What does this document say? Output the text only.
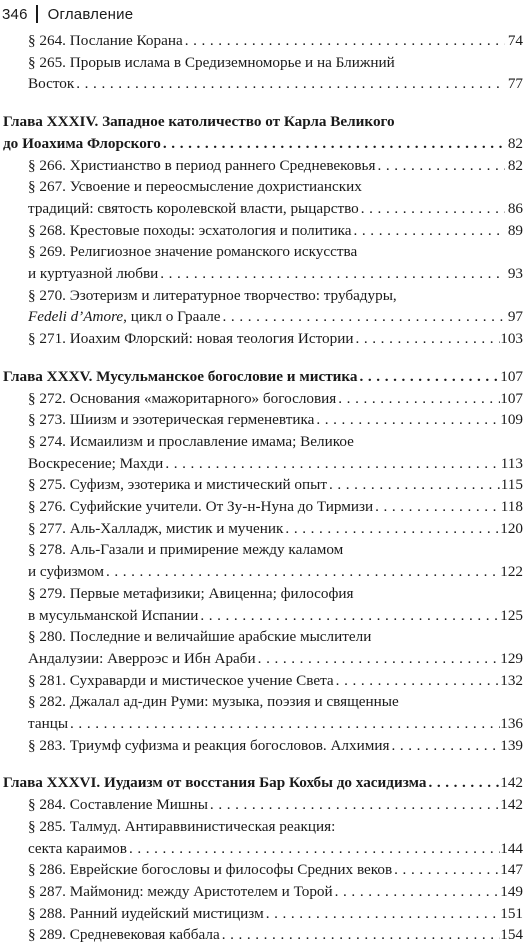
346 Оглавление
§ 264. Послание Корана . . .	74
§ 265. Прорыв ислама в Средиземноморье и на Ближний
Восток . . .	77
Глава XXXIV. Западное католичество от Карла Великого
до Иоахима Флорского . . .	82
§ 266. Христианство в период раннего Средневековья . . .	82
§ 267. Усвоение и переосмысление дохристианских
традиций: святость королевской власти, рыцарство . . .	86
§ 268. Крестовые походы: эсхатология и политика . . .	89
§ 269. Религиозное значение романского искусства
и куртуазной любви . . .	93
§ 270. Эзотеризм и литературное творчество: трубадуры,
Fedeli d’Amore, цикл о Граале . . .	97
§ 271. Иоахим Флорский: новая теология Истории . . .	103
Глава XXXV. Мусульманское богословие и мистика . . .	107
§ 272. Основания «мажоритарного» богословия . . .	107
§ 273. Шиизм и эзотерическая герменевтика . . .	109
§ 274. Исмаилизм и прославление имама; Великое
Воскресение; Махди . . .	113
§ 275. Суфизм, эзотерика и мистический опыт . . .	115
§ 276. Суфийские учители. От Зу-н-Нуна до Тирмизи . . .	118
§ 277. Аль-Халладж, мистик и мученик . . .	120
§ 278. Аль-Газали и примирение между каламом
и суфизмом . . .	122
§ 279. Первые метафизики; Авиценна; философия
в мусульманской Испании . . .	125
§ 280. Последние и величайшие арабские мыслители
Андалузии: Аверроэс и Ибн Араби . . .	129
§ 281. Сухраварди и мистическое учение Света . . .	132
§ 282. Джалал ад-дин Руми: музыка, поэзия и священные
танцы . . .	136
§ 283. Триумф суфизма и реакция богословов. Алхимия . . .	139
Глава XXXVI. Иудаизм от восстания Бар Кохбы до хасидизма . . .	142
§ 284. Составление Мишны . . .	142
§ 285. Талмуд. Антираввинистическая реакция:
секта караимов . . .	144
§ 286. Еврейские богословы и философы Средних веков . . .	147
§ 287. Маймонид: между Аристотелем и Торой . . .	149
§ 288. Ранний иудейский мистицизм . . .	151
§ 289. Средневековая каббала . . .	154
